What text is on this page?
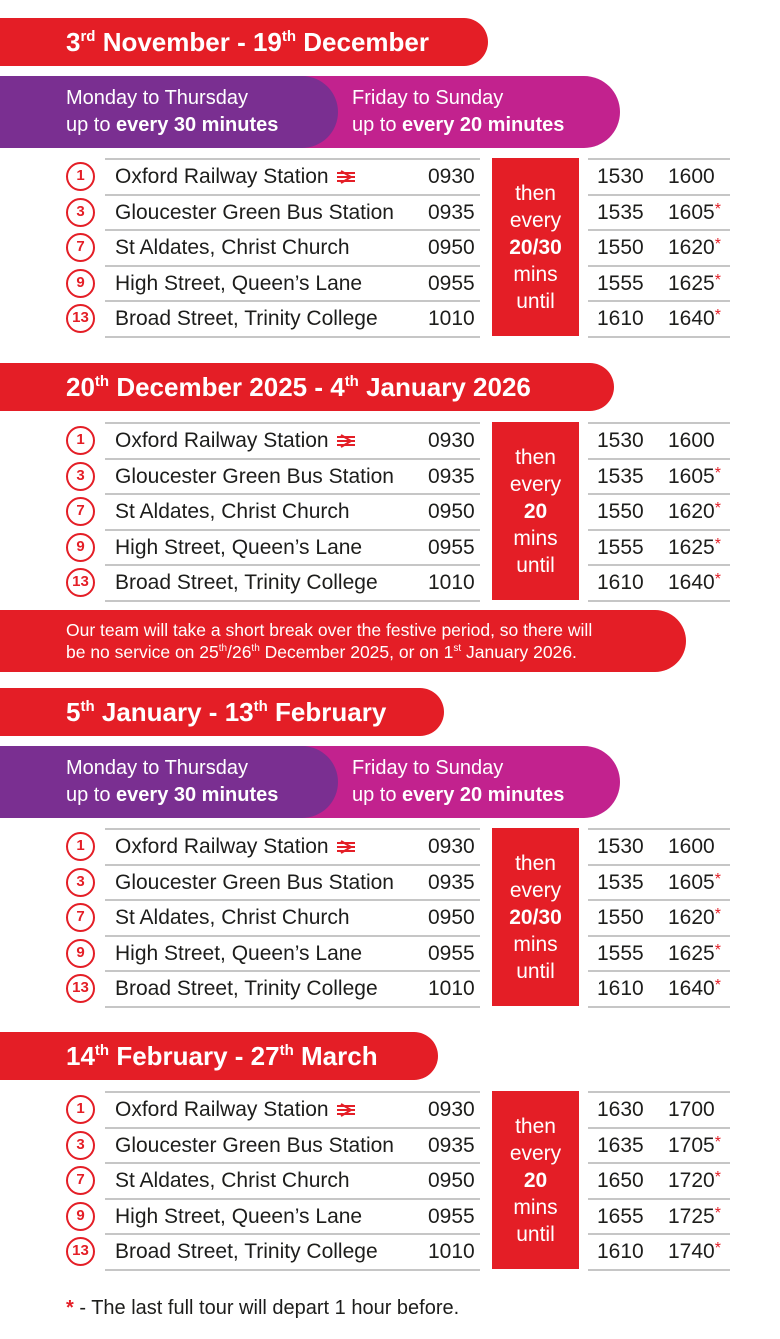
3rd November - 19th December
Monday to Thursday
up to every 30 minutes
Friday to Sunday
up to every 20 minutes
1	Oxford Railway Station	0930	1530 1600
3	Gloucester Green Bus Station 0935	1535 1605*
7	St Aldates, Christ Church	0950	1550 1620*
9	High Street, Queen’s Lane	0955	1555 1625*
13 Broad Street, Trinity College 1010	1610 1640*
then
every
20/30
mins
until
20th December 2025 - 4th January 2026
1	Oxford Railway Station	0930	1530 1600
3	Gloucester Green Bus Station 0935	1535 1605*
7	St Aldates, Christ Church	0950	1550 1620*
9	High Street, Queen’s Lane	0955	1555 1625*
13 Broad Street, Trinity College 1010	1610 1640*
then
every
20
mins
until
Our team will take a short break over the festive period, so there will
be no service on 25th/26th December 2025, or on 1st January 2026.
5th January - 13th February
Monday to Thursday
up to every 30 minutes
Friday to Sunday
up to every 20 minutes
1	Oxford Railway Station	0930	1530 1600
3	Gloucester Green Bus Station 0935	1535 1605*
7	St Aldates, Christ Church	0950	1550 1620*
9	High Street, Queen’s Lane	0955	1555 1625*
13 Broad Street, Trinity College 1010	1610 1640*
then
every
20/30
mins
until
14th February - 27th March
1	Oxford Railway Station	0930	1630 1700
3	Gloucester Green Bus Station 0935	1635 1705*
7	St Aldates, Christ Church	0950	1650 1720*
9	High Street, Queen’s Lane	0955	1655 1725*
13 Broad Street, Trinity College 1010	1610 1740*
then
every
20
mins
until
* - The last full tour will depart 1 hour before.
